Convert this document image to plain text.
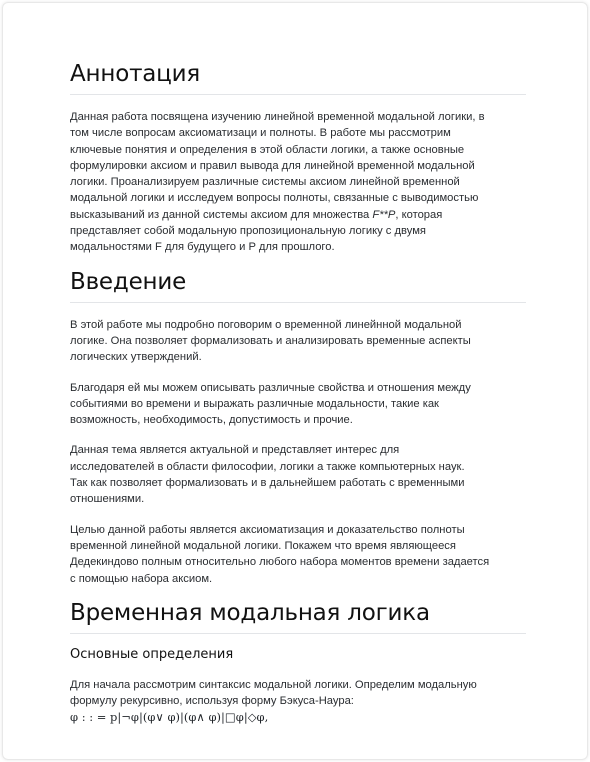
Аннотация

Данная работа посвящена изучению линейной временной модальной логики, в
том числе вопросам аксиоматизаци и полноты. В работе мы рассмотрим
ключевые понятия и определения в этой области логики, а также основные
формулировки аксиом и правил вывода для линейной временной модальной
логики. Проанализируем различные системы аксиом линейной временной
модальной логики и исследуем вопросы полноты, связанные с выводимостью
высказываний из данной системы аксиом для множества F**P, которая
представляет собой модальную пропозициональную логику с двумя
модальностями F для будущего и P для прошлого.

Введение

В этой работе мы подробно поговорим о временной линейнной модальной
логике. Она позволяет формализовать и анализировать временные аспекты
логических утверждений.

Благодаря ей мы можем описывать различные свойства и отношения между
событиями во времени и выражать различные модальности, такие как
возможность, необходимость, допустимость и прочие.

Данная тема является актуальной и представляет интерес для
исследователей в области философии, логики а также компьютерных наук.
Так как позволяет формализовать и в дальнейшем работать с временными
отношениями.

Целью данной работы является аксиоматизация и доказательство полноты
временной линейной модальной логики. Покажем что время являющееся
Дедекиндово полным относительно любого набора моментов времени задается
с помощью набора аксиом.

Временная модальная логика
Основные определения

Для начала рассмотрим синтаксис модальной логики. Определим модальную
формулу рекурсивно, используя форму Бэкуса-Наура:
φ : : = p|¬φ|(φ∨ φ)|(φ∧ φ)|□φ|◇φ,
